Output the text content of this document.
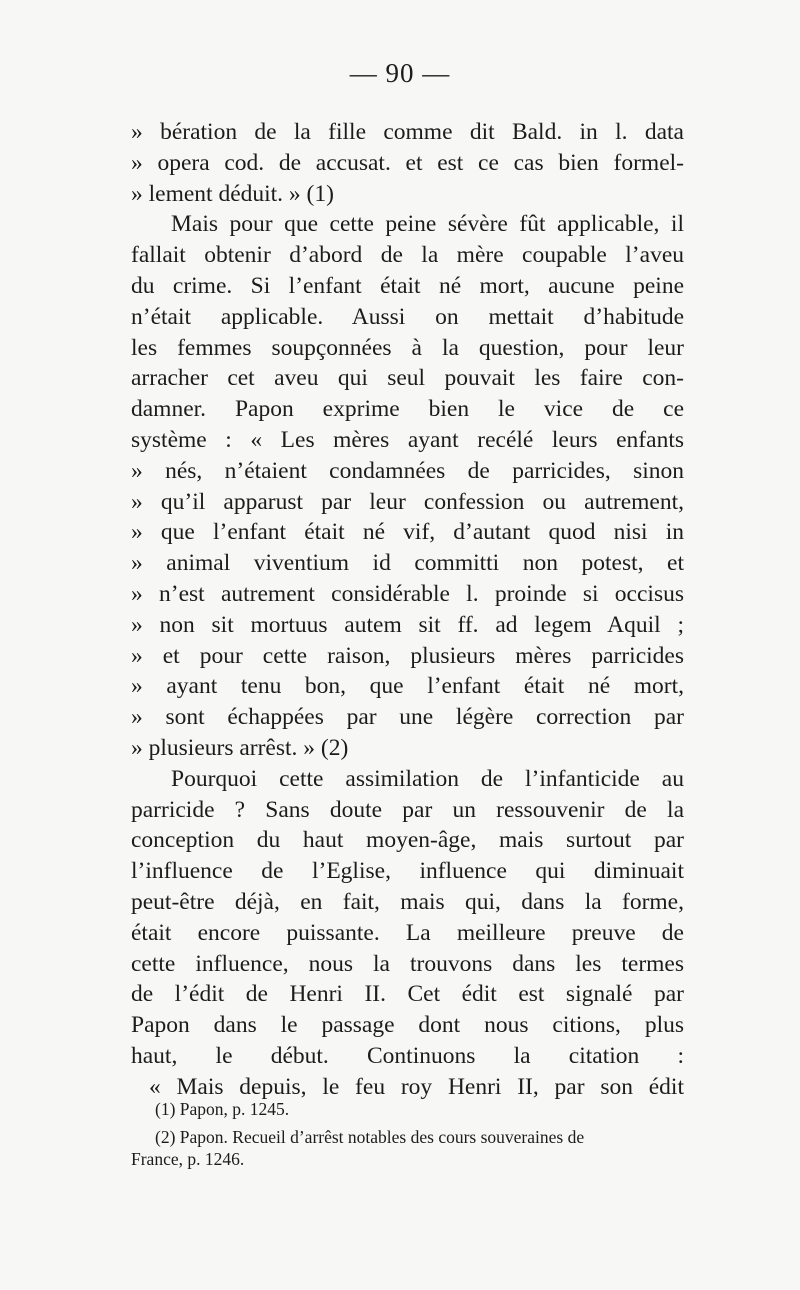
— 90 —
» bération de la fille comme dit Bald. in l. data
» opera cod. de accusat. et est ce cas bien formel-
» lement déduit. » (1)
Mais pour que cette peine sévère fût applicable, il
fallait obtenir d’abord de la mère coupable l’aveu
du crime. Si l’enfant était né mort, aucune peine
n’était applicable. Aussi on mettait d’habitude
les femmes soupçonnées à la question, pour leur
arracher cet aveu qui seul pouvait les faire con-
damner. Papon exprime bien le vice de ce
système : « Les mères ayant recélé leurs enfants
» nés, n’étaient condamnées de parricides, sinon
» qu’il apparust par leur confession ou autrement,
» que l’enfant était né vif, d’autant quod nisi in
» animal viventium id committi non potest, et
» n’est autrement considérable l. proinde si occisus
» non sit mortuus autem sit ff. ad legem Aquil ;
» et pour cette raison, plusieurs mères parricides
» ayant tenu bon, que l’enfant était né mort,
» sont échappées par une légère correction par
» plusieurs arrêst. » (2)
Pourquoi cette assimilation de l’infanticide au
parricide ? Sans doute par un ressouvenir de la
conception du haut moyen-âge, mais surtout par
l’influence de l’Eglise, influence qui diminuait
peut-être déjà, en fait, mais qui, dans la forme,
était encore puissante. La meilleure preuve de
cette influence, nous la trouvons dans les termes
de l’édit de Henri II. Cet édit est signalé par
Papon dans le passage dont nous citions, plus
haut, le début. Continuons la citation :
« Mais depuis, le feu roy Henri II, par son édit
(1) Papon, p. 1245.
(2) Papon. Recueil d’arrêst notables des cours souveraines de
France, p. 1246.
